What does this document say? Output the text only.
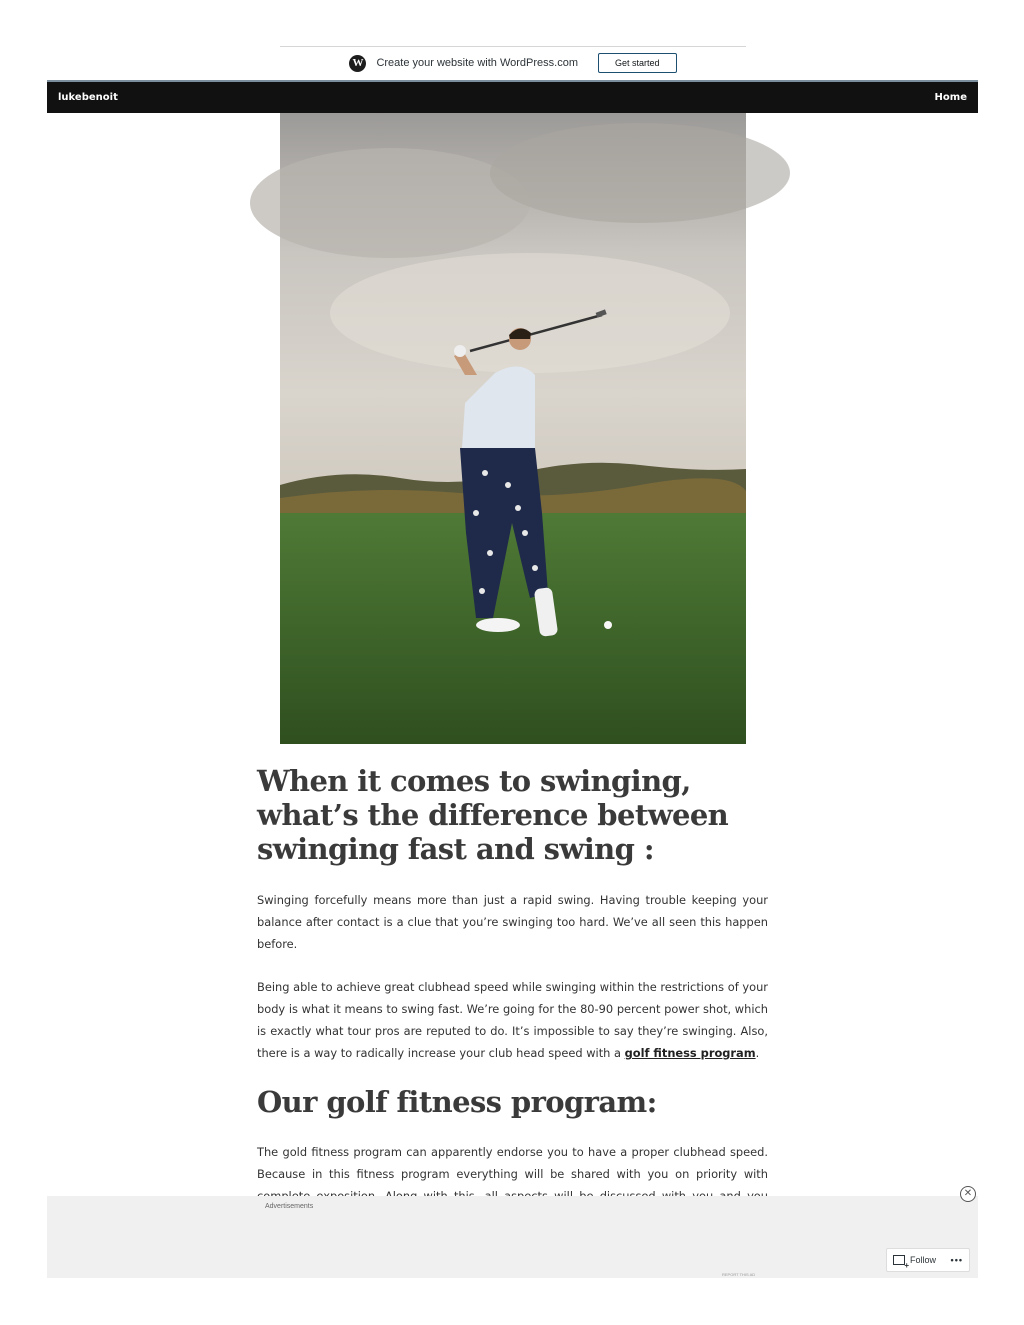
W Create your website with WordPress.com	Get started
lukebenoit	Home
When it comes to swinging, what’s the difference between swinging fast and swing :

Swinging forcefully means more than just a rapid swing. Having trouble keeping your balance after contact is a clue that you’re swinging too hard. We’ve all seen this happen before.

Being able to achieve great clubhead speed while swinging within the restrictions of your body is what it means to swing fast. We’re going for the 80-90 percent power shot, which is exactly what tour pros are reputed to do. It’s impossible to say they’re swinging. Also, there is a way to radically increase your club head speed with a golf fitness program.

Our golf fitness program:

The gold fitness program can apparently endorse you to have a proper clubhead speed. Because in this fitness program everything will be shared with you on priority with

Advertisements
REPORT THIS AD
✕
+
Follow •••
